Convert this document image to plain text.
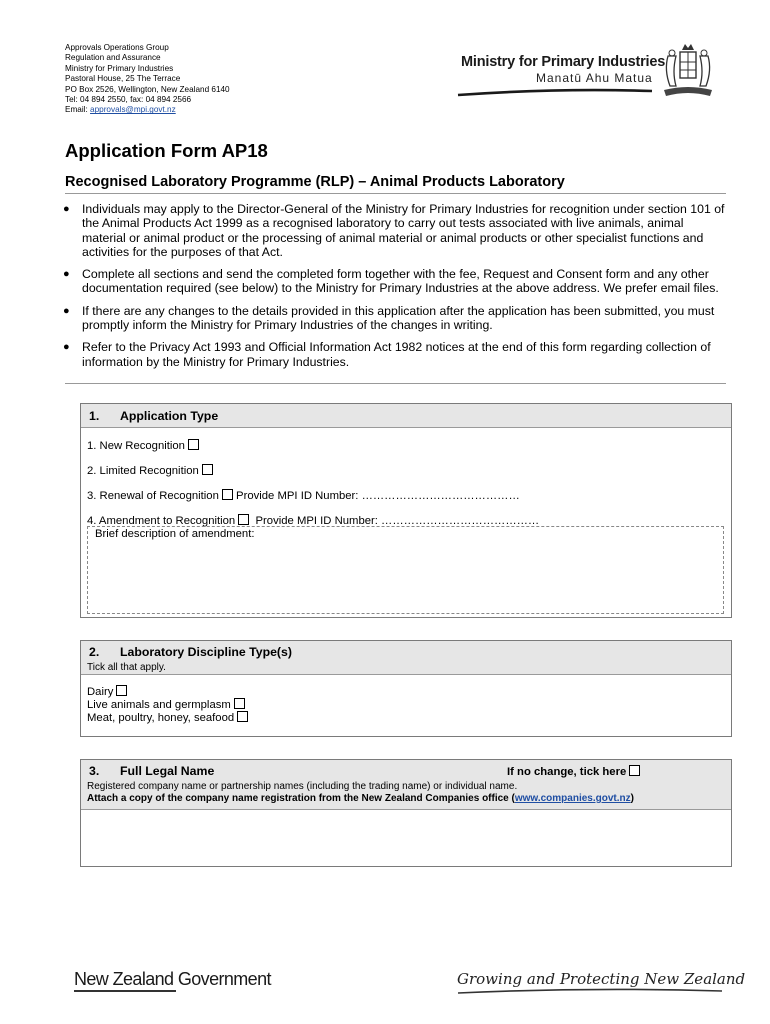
Approvals Operations Group
Regulation and Assurance
Ministry for Primary Industries
Pastoral House, 25 The Terrace
PO Box 2526, Wellington, New Zealand 6140
Tel: 04 894 2550, fax: 04 894 2566
Email: approvals@mpi.govt.nz
Ministry for Primary Industries
Manatū Ahu Matua
Application Form AP18
Recognised Laboratory Programme (RLP) – Animal Products Laboratory
● Individuals may apply to the Director-General of the Ministry for Primary Industries for recognition under section 101 of the Animal Products Act 1999 as a recognised laboratory to carry out tests associated with live animals, animal material or animal product or the processing of animal material or animal products or other specialist functions and activities for the purposes of that Act.
● Complete all sections and send the completed form together with the fee, Request and Consent form and any other documentation required (see below) to the Ministry for Primary Industries at the above address. We prefer email files.
● If there are any changes to the details provided in this application after the application has been submitted, you must promptly inform the Ministry for Primary Industries of the changes in writing.
● Refer to the Privacy Act 1993 and Official Information Act 1982 notices at the end of this form regarding collection of information by the Ministry for Primary Industries.
1. Application Type
1. New Recognition
2. Limited Recognition
3. Renewal of Recognition Provide MPI ID Number: ……………………………………
4. Amendment to Recognition Provide MPI ID Number: ……………………………………
Brief description of amendment:
2. Laboratory Discipline Type(s)
Tick all that apply.
Dairy
Live animals and germplasm
Meat, poultry, honey, seafood
3. Full Legal Name	If no change, tick here
Registered company name or partnership names (including the trading name) or individual name.
Attach a copy of the company name registration from the New Zealand Companies office (www.companies.govt.nz)
New Zealand Government	Growing and Protecting New Zealand
